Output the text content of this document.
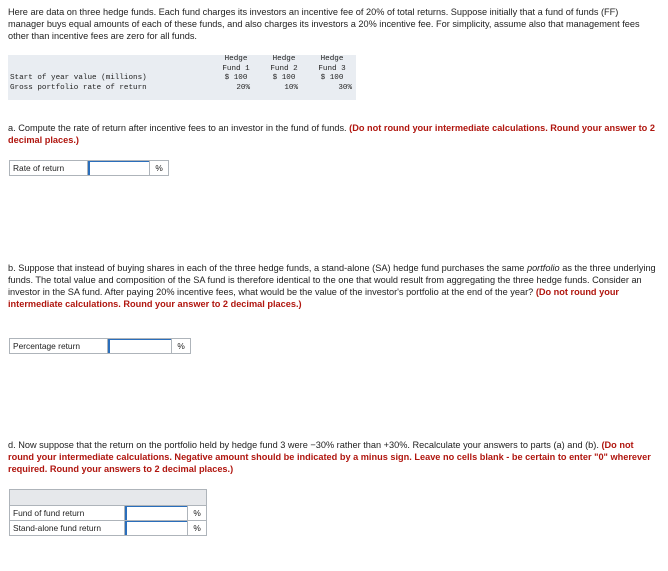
Here are data on three hedge funds. Each fund charges its investors an incentive fee of 20% of total returns. Suppose initially that a fund of funds (FF) manager buys equal amounts of each of these funds, and also charges its investors a 20% incentive fee. For simplicity, assume also that management fees other than incentive fees are zero for all funds.
	Hedge	Hedge	Hedge
	Fund 1	Fund 2	Fund 3
Start of year value (millions)	$ 100	$ 100	$ 100
Gross portfolio rate of return	20%	10%	30%
a. Compute the rate of return after incentive fees to an investor in the fund of funds. (Do not round your intermediate calculations. Round your answer to 2 decimal places.)
Rate of return		%
b. Suppose that instead of buying shares in each of the three hedge funds, a stand-alone (SA) hedge fund purchases the same portfolio as the three underlying funds. The total value and composition of the SA fund is therefore identical to the one that would result from aggregating the three hedge funds. Consider an investor in the SA fund. After paying 20% incentive fees, what would be the value of the investor's portfolio at the end of the year? (Do not round your intermediate calculations. Round your answer to 2 decimal places.)
Percentage return		%
d. Now suppose that the return on the portfolio held by hedge fund 3 were −30% rather than +30%. Recalculate your answers to parts (a) and (b). (Do not round your intermediate calculations. Negative amount should be indicated by a minus sign. Leave no cells blank - be certain to enter "0" wherever required. Round your answers to 2 decimal places.)

Fund of fund return		%
Stand-alone fund return		%
